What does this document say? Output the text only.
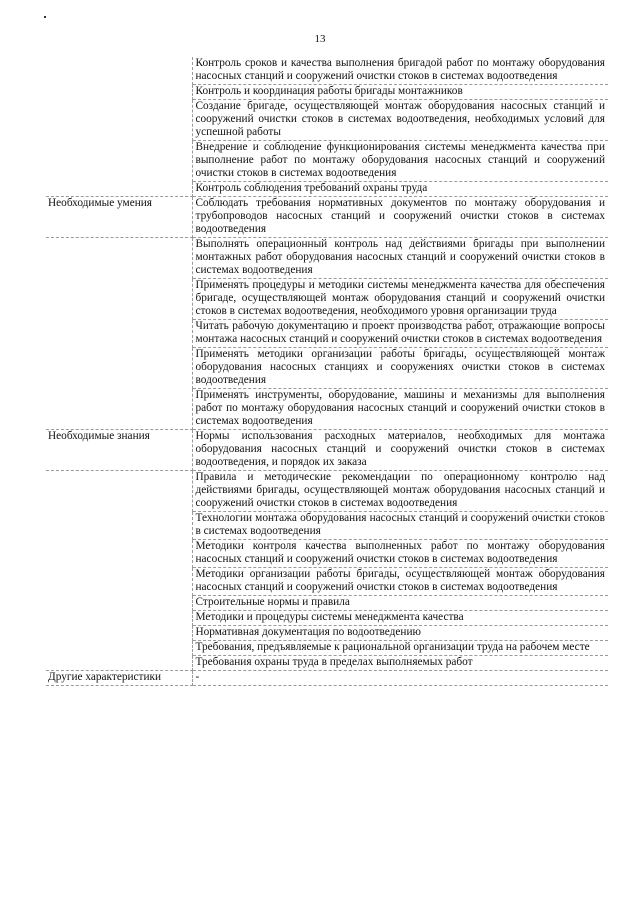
13
	Контроль сроков и качества выполнения бригадой работ по монтажу оборудования насосных станций и сооружений очистки стоков в системах водоотведения
	Контроль и координация работы бригады монтажников
	Создание бригаде, осуществляющей монтаж оборудования насосных станций и сооружений очистки стоков в системах водоотведения, необходимых условий для успешной работы
	Внедрение и соблюдение функционирования системы менеджмента качества при выполнение работ по монтажу оборудования насосных станций и сооружений очистки стоков в системах водоотведения
	Контроль соблюдения требований охраны труда
Необходимые умения	Соблюдать требования нормативных документов по монтажу оборудования и трубопроводов насосных станций и сооружений очистки стоков в системах водоотведения
	Выполнять операционный контроль над действиями бригады при выполнении монтажных работ оборудования насосных станций и сооружений очистки стоков в системах водоотведения
	Применять процедуры и методики системы менеджмента качества для обеспечения бригаде, осуществляющей монтаж оборудования станций и сооружений очистки стоков в системах водоотведения, необходимого уровня организации труда
	Читать рабочую документацию и проект производства работ, отражающие вопросы монтажа насосных станций и сооружений очистки стоков в системах водоотведения
	Применять методики организации работы бригады, осуществляющей монтаж оборудования насосных станциях и сооружениях очистки стоков в системах водоотведения
	Применять инструменты, оборудование, машины и механизмы для выполнения работ по монтажу оборудования насосных станций и сооружений очистки стоков в системах водоотведения
Необходимые знания	Нормы использования расходных материалов, необходимых для монтажа оборудования насосных станций и сооружений очистки стоков в системах водоотведения, и порядок их заказа
	Правила и методические рекомендации по операционному контролю над действиями бригады, осуществляющей монтаж оборудования насосных станций и сооружений очистки стоков в системах водоотведения
	Технологии монтажа оборудования насосных станций и сооружений очистки стоков в системах водоотведения
	Методики контроля качества выполненных работ по монтажу оборудования насосных станций и сооружений очистки стоков в системах водоотведения
	Методики организации работы бригады, осуществляющей монтаж оборудования насосных станций и сооружений очистки стоков в системах водоотведения
	Строительные нормы и правила
	Методики и процедуры системы менеджмента качества
	Нормативная документация по водоотведению
	Требования, предъявляемые к рациональной организации труда на рабочем месте
	Требования охраны труда в пределах выполняемых работ
Другие характеристики	-
